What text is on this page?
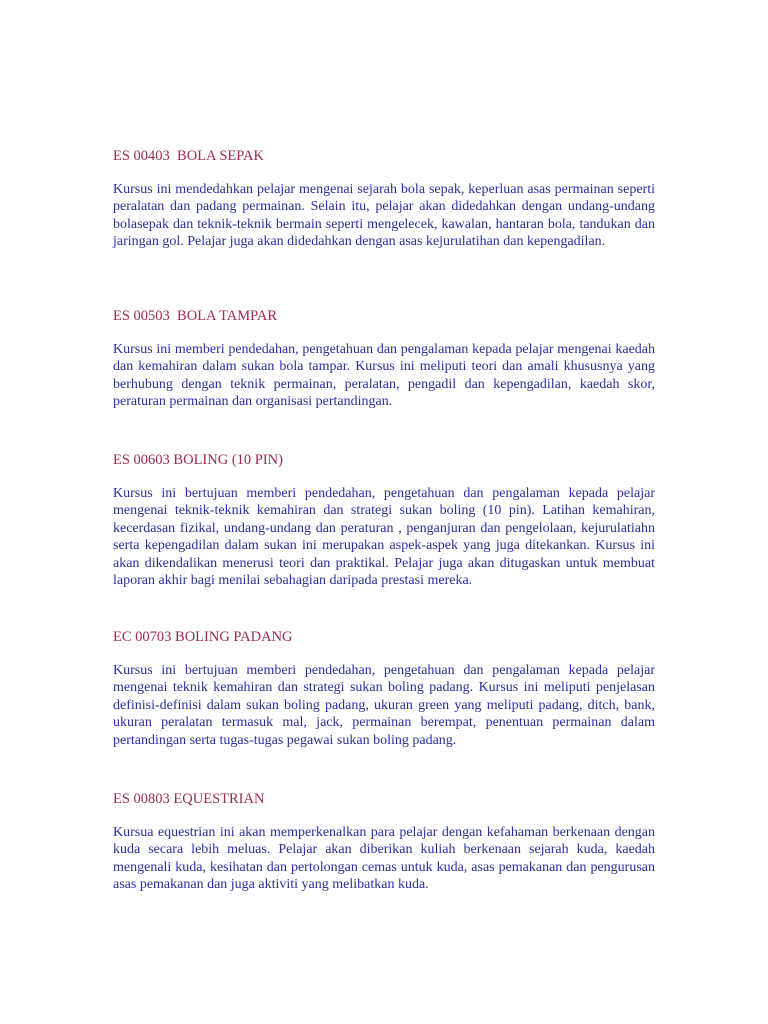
ES 00403  BOLA SEPAK

Kursus ini mendedahkan pelajar mengenai sejarah bola sepak, keperluan asas permainan seperti peralatan dan padang permainan. Selain itu, pelajar akan didedahkan dengan undang-undang bolasepak dan teknik-teknik bermain seperti mengelecek, kawalan, hantaran bola, tandukan dan jaringan gol. Pelajar juga akan didedahkan dengan asas kejurulatihan dan kepengadilan.

ES 00503  BOLA TAMPAR

Kursus ini memberi pendedahan, pengetahuan dan pengalaman kepada pelajar mengenai kaedah dan kemahiran dalam sukan bola tampar. Kursus ini meliputi teori dan amali khususnya yang berhubung dengan teknik permainan, peralatan, pengadil dan kepengadilan, kaedah skor, peraturan permainan dan organisasi pertandingan.

ES 00603 BOLING (10 PIN)

Kursus ini bertujuan memberi pendedahan, pengetahuan dan pengalaman kepada pelajar mengenai teknik-teknik kemahiran dan strategi sukan boling (10 pin). Latihan kemahiran, kecerdasan fizikal, undang-undang dan peraturan , penganjuran dan pengelolaan, kejurulatiahn serta kepengadilan dalam sukan ini merupakan aspek-aspek yang juga ditekankan. Kursus ini akan dikendalikan menerusi teori dan praktikal. Pelajar juga akan ditugaskan untuk membuat laporan akhir bagi menilai sebahagian daripada prestasi mereka.

EC 00703 BOLING PADANG

Kursus ini bertujuan memberi pendedahan, pengetahuan dan pengalaman kepada pelajar mengenai teknik kemahiran dan strategi sukan boling padang. Kursus ini meliputi penjelasan definisi-definisi dalam sukan boling padang, ukuran green yang meliputi padang, ditch, bank, ukuran peralatan termasuk mal, jack, permainan berempat, penentuan permainan dalam pertandingan serta tugas-tugas pegawai sukan boling padang.

ES 00803 EQUESTRIAN

Kursua equestrian ini akan memperkenalkan para pelajar dengan kefahaman berkenaan dengan kuda secara lebih meluas. Pelajar akan diberikan kuliah berkenaan sejarah kuda, kaedah mengenali kuda, kesihatan dan pertolongan cemas untuk kuda, asas pemakanan dan pengurusan asas pemakanan dan juga aktiviti yang melibatkan kuda.
